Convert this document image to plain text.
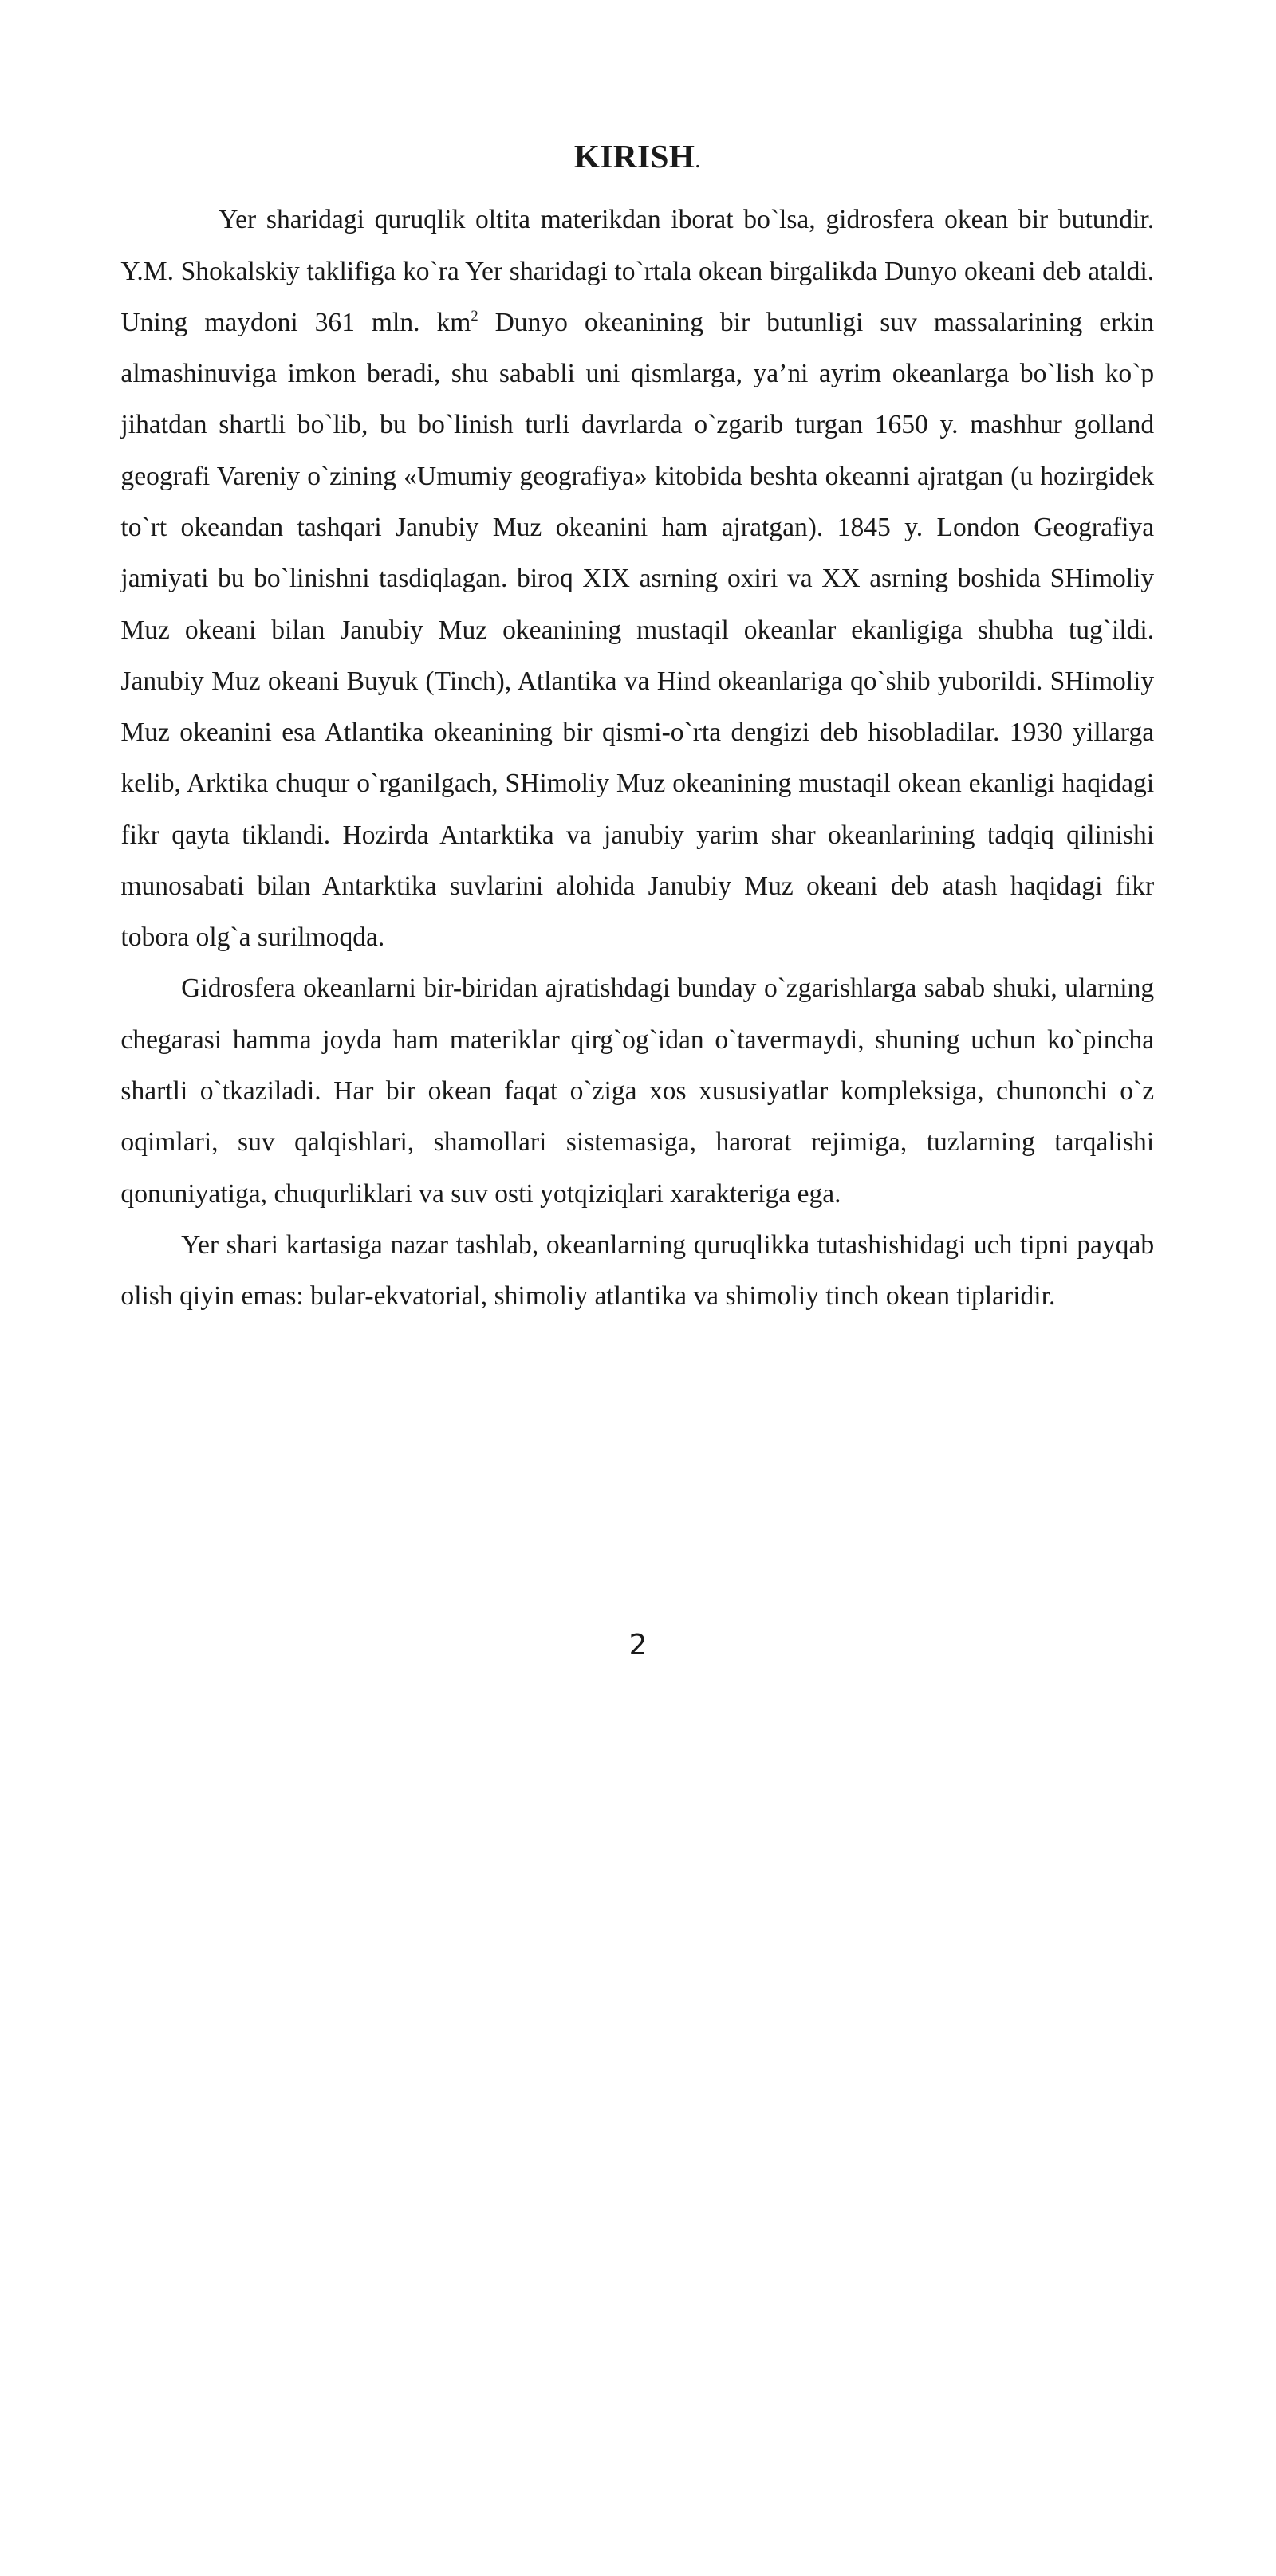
KIRISH.

Yer sharidagi quruqlik oltita materikdan iborat bo`lsa, gidrosfera okean bir butundir. Y.M. Shokalskiy taklifiga ko`ra Yer sharidagi to`rtala okean birgalikda Dunyo okeani deb ataldi. Uning maydoni 361 mln. $km^2$ Dunyo okeanining bir butunligi suv massalarining erkin almashinuviga imkon beradi, shu sababli uni qismlarga, ya’ni ayrim okeanlarga bo`lish ko`p jihatdan shartli bo`lib, bu bo`linish turli davrlarda o`zgarib turgan 1650 y. mashhur golland geografi Vareniy o`zining «Umumiy geografiya» kitobida beshta okeanni ajratgan (u hozirgidek to`rt okeandan tashqari Janubiy Muz okeanini ham ajratgan). 1845 y. London Geografiya jamiyati bu bo`linishni tasdiqlagan. biroq XIX asrning oxiri va XX asrning boshida SHimoliy Muz okeani bilan Janubiy Muz okeanining mustaqil okeanlar ekanligiga shubha tug`ildi. Janubiy Muz okeani Buyuk (Tinch), Atlantika va Hind okeanlariga qo`shib yuborildi. SHimoliy Muz okeanini esa Atlantika okeanining bir qismi-o`rta dengizi deb hisobladilar. 1930 yillarga kelib, Arktika chuqur o`rganilgach, SHimoliy Muz okeanining mustaqil okean ekanligi haqidagi fikr qayta tiklandi. Hozirda Antarktika va janubiy yarim shar okeanlarining tadqiq qilinishi munosabati bilan Antarktika suvlarini alohida Janubiy Muz okeani deb atash haqidagi fikr tobora olg`a surilmoqda.

Gidrosfera okeanlarni bir-biridan ajratishdagi bunday o`zgarishlarga sabab shuki, ularning chegarasi hamma joyda ham materiklar qirg`og`idan o`tavermaydi, shuning uchun ko`pincha shartli o`tkaziladi. Har bir okean faqat o`ziga xos xususiyatlar kompleksiga, chunonchi o`z oqimlari, suv qalqishlari, shamollari sistemasiga, harorat rejimiga, tuzlarning tarqalishi qonuniyatiga, chuqurliklari va suv osti yotqiziqlari xarakteriga ega.

Yer shari kartasiga nazar tashlab, okeanlarning quruqlikka tutashishidagi uch tipni payqab olish qiyin emas: bular-ekvatorial, shimoliy atlantika va shimoliy tinch okean tiplaridir.

2
